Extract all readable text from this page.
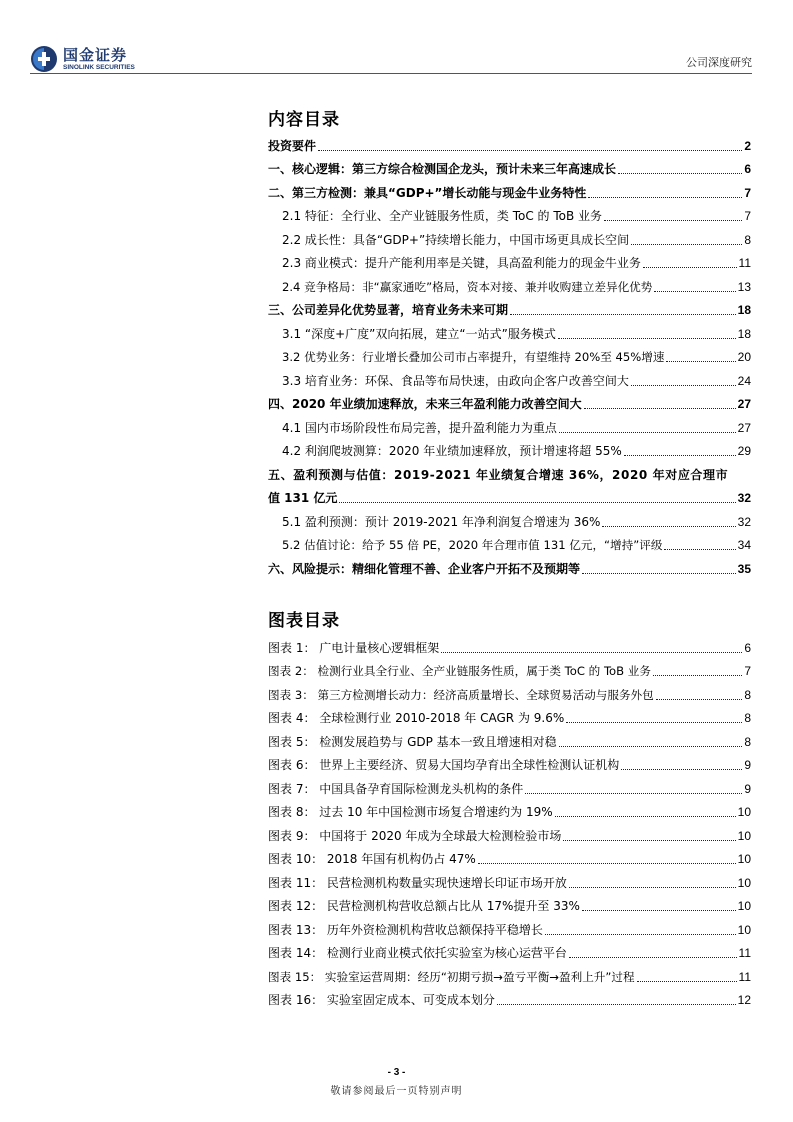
国金证券
SINOLINK SECURITIES	公司深度研究
内容目录
投资要件	2
一、核心逻辑：第三方综合检测国企龙头，预计未来三年高速成长	6
二、第三方检测：兼具“GDP+”增长动能与现金牛业务特性	7
2.1 特征：全行业、全产业链服务性质，类 ToC 的 ToB 业务	7
2.2 成长性：具备“GDP+”持续增长能力，中国市场更具成长空间	8
2.3 商业模式：提升产能利用率是关键，具高盈利能力的现金牛业务	11
2.4 竞争格局：非“赢家通吃”格局，资本对接、兼并收购建立差异化优势	13
三、公司差异化优势显著，培育业务未来可期	18
3.1 “深度+广度”双向拓展，建立“一站式”服务模式	18
3.2 优势业务：行业增长叠加公司市占率提升，有望维持 20%至 45%增速	20
3.3 培育业务：环保、食品等布局快速，由政向企客户改善空间大	24
四、2020 年业绩加速释放，未来三年盈利能力改善空间大	27
4.1 国内市场阶段性布局完善，提升盈利能力为重点	27
4.2 利润爬坡测算：2020 年业绩加速释放，预计增速将超 55%	29
五、盈利预测与估值：2019-2021 年业绩复合增速 36%，2020 年对应合理市
值 131 亿元	32
5.1 盈利预测：预计 2019-2021 年净利润复合增速为 36%	32
5.2 估值讨论：给予 55 倍 PE，2020 年合理市值 131 亿元，“增持”评级	34
六、风险提示：精细化管理不善、企业客户开拓不及预期等	35
图表目录
图表 1： 广电计量核心逻辑框架	6
图表 2： 检测行业具全行业、全产业链服务性质，属于类 ToC 的 ToB 业务	7
图表 3： 第三方检测增长动力：经济高质量增长、全球贸易活动与服务外包	8
图表 4： 全球检测行业 2010-2018 年 CAGR 为 9.6%	8
图表 5： 检测发展趋势与 GDP 基本一致且增速相对稳	8
图表 6： 世界上主要经济、贸易大国均孕育出全球性检测认证机构	9
图表 7： 中国具备孕育国际检测龙头机构的条件	9
图表 8： 过去 10 年中国检测市场复合增速约为 19%	10
图表 9： 中国将于 2020 年成为全球最大检测检验市场	10
图表 10： 2018 年国有机构仍占 47%	10
图表 11： 民营检测机构数量实现快速增长印证市场开放	10
图表 12： 民营检测机构营收总额占比从 17%提升至 33%	10
图表 13： 历年外资检测机构营收总额保持平稳增长	10
图表 14： 检测行业商业模式依托实验室为核心运营平台	11
图表 15： 实验室运营周期：经历“初期亏损→盈亏平衡→盈利上升”过程	11
图表 16： 实验室固定成本、可变成本划分	12
- 3 -
敬请参阅最后一页特别声明
